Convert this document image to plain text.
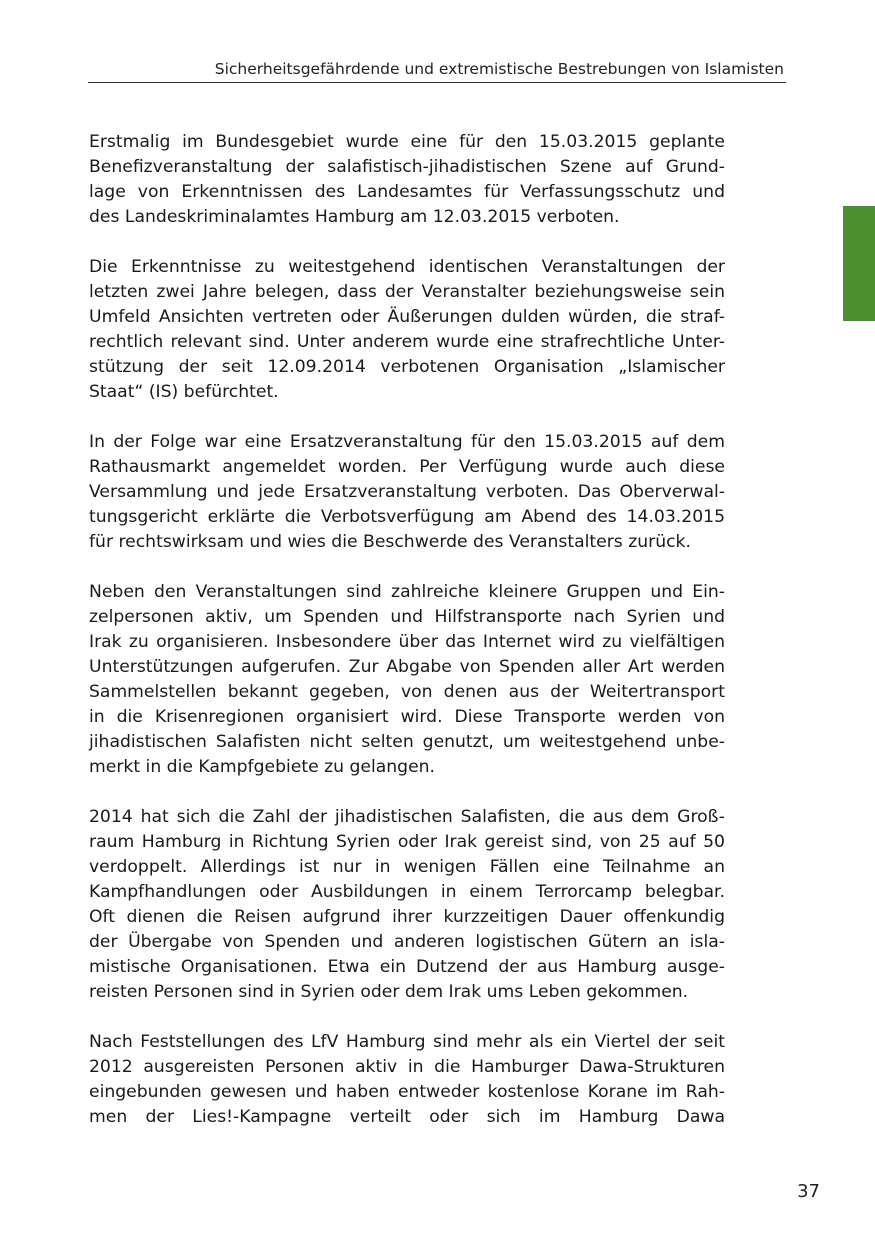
Sicherheitsgefährdende und extremistische Bestrebungen von Islamisten
Erstmalig im Bundesgebiet wurde eine für den 15.03.2015 geplante
Benefizveranstaltung der salafistisch-jihadistischen Szene auf Grund-
lage von Erkenntnissen des Landesamtes für Verfassungsschutz und
des Landeskriminalamtes Hamburg am 12.03.2015 verboten.
Die Erkenntnisse zu weitestgehend identischen Veranstaltungen der
letzten zwei Jahre belegen, dass der Veranstalter beziehungsweise sein
Umfeld Ansichten vertreten oder Äußerungen dulden würden, die straf-
rechtlich relevant sind. Unter anderem wurde eine strafrechtliche Unter-
stützung der seit 12.09.2014 verbotenen Organisation „Islamischer
Staat“ (IS) befürchtet.
In der Folge war eine Ersatzveranstaltung für den 15.03.2015 auf dem
Rathausmarkt angemeldet worden. Per Verfügung wurde auch diese
Versammlung und jede Ersatzveranstaltung verboten. Das Oberverwal-
tungsgericht erklärte die Verbotsverfügung am Abend des 14.03.2015
für rechtswirksam und wies die Beschwerde des Veranstalters zurück.
Neben den Veranstaltungen sind zahlreiche kleinere Gruppen und Ein-
zelpersonen aktiv, um Spenden und Hilfstransporte nach Syrien und
Irak zu organisieren. Insbesondere über das Internet wird zu vielfältigen
Unterstützungen aufgerufen. Zur Abgabe von Spenden aller Art werden
Sammelstellen bekannt gegeben, von denen aus der Weitertransport
in die Krisenregionen organisiert wird. Diese Transporte werden von
jihadistischen Salafisten nicht selten genutzt, um weitestgehend unbe-
merkt in die Kampfgebiete zu gelangen.
2014 hat sich die Zahl der jihadistischen Salafisten, die aus dem Groß-
raum Hamburg in Richtung Syrien oder Irak gereist sind, von 25 auf 50
verdoppelt. Allerdings ist nur in wenigen Fällen eine Teilnahme an
Kampfhandlungen oder Ausbildungen in einem Terrorcamp belegbar.
Oft dienen die Reisen aufgrund ihrer kurzzeitigen Dauer offenkundig
der Übergabe von Spenden und anderen logistischen Gütern an isla-
mistische Organisationen. Etwa ein Dutzend der aus Hamburg ausge-
reisten Personen sind in Syrien oder dem Irak ums Leben gekommen.
Nach Feststellungen des LfV Hamburg sind mehr als ein Viertel der seit
2012 ausgereisten Personen aktiv in die Hamburger Dawa-Strukturen
eingebunden gewesen und haben entweder kostenlose Korane im Rah-
men der Lies!-Kampagne verteilt oder sich im Hamburg Dawa
37
